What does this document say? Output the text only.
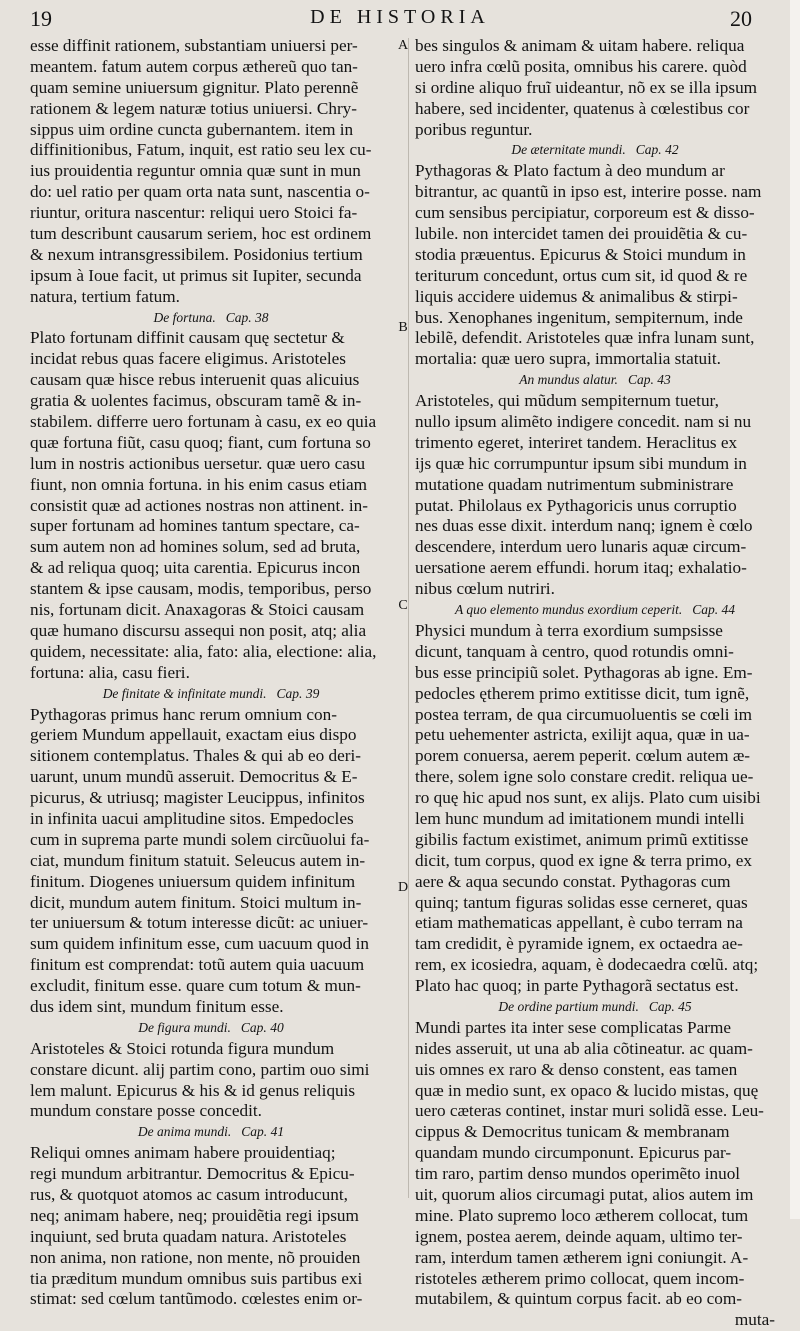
19	DE HISTORIA	20
A
B
C
D
esse diffinit rationem, substantiam uniuersi per-
meantem. fatum autem corpus æthereũ quo tan-
quam semine uniuersum gignitur. Plato perennẽ
rationem & legem naturæ totius uniuersi. Chry-
sippus uim ordine cuncta gubernantem. item in
diffinitionibus, Fatum, inquit, est ratio seu lex cu-
ius prouidentia reguntur omnia quæ sunt in mun
do: uel ratio per quam orta nata sunt, nascentia o-
riuntur, oritura nascentur: reliqui uero Stoici fa-
tum describunt causarum seriem, hoc est ordinem
& nexum intransgressibilem. Posidonius tertium
ipsum à Ioue facit, ut primus sit Iupiter, secunda
natura, tertium fatum.
De fortuna. Cap. 38
Plato fortunam diffinit causam quę sectetur &
incidat rebus quas facere eligimus. Aristoteles
causam quæ hisce rebus interuenit quas alicuius
gratia & uolentes facimus, obscuram tamẽ & in-
stabilem. differre uero fortunam à casu, ex eo quia
quæ fortuna fiũt, casu quoq; fiant, cum fortuna so
lum in nostris actionibus uersetur. quæ uero casu
fiunt, non omnia fortuna. in his enim casus etiam
consistit quæ ad actiones nostras non attinent. in-
super fortunam ad homines tantum spectare, ca-
sum autem non ad homines solum, sed ad bruta,
& ad reliqua quoq; uita carentia. Epicurus incon
stantem & ipse causam, modis, temporibus, perso
nis, fortunam dicit. Anaxagoras & Stoici causam
quæ humano discursu assequi non posit, atq; alia
quidem, necessitate: alia, fato: alia, electione: alia,
fortuna: alia, casu fieri.
De finitate & infinitate mundi. Cap. 39
Pythagoras primus hanc rerum omnium con-
geriem Mundum appellauit, exactam eius dispo
sitionem contemplatus. Thales & qui ab eo deri-
uarunt, unum mundũ asseruit. Democritus & E-
picurus, & utriusq; magister Leucippus, infinitos
in infinita uacui amplitudine sitos. Empedocles
cum in suprema parte mundi solem circũuolui fa-
ciat, mundum finitum statuit. Seleucus autem in-
finitum. Diogenes uniuersum quidem infinitum
dicit, mundum autem finitum. Stoici multum in-
ter uniuersum & totum interesse dicũt: ac uniuer-
sum quidem infinitum esse, cum uacuum quod in
finitum est comprendat: totũ autem quia uacuum
excludit, finitum esse. quare cum totum & mun-
dus idem sint, mundum finitum esse.
De figura mundi. Cap. 40
Aristoteles & Stoici rotunda figura mundum
constare dicunt. alij partim cono, partim ouo simi
lem malunt. Epicurus & his & id genus reliquis
mundum constare posse concedit.
De anima mundi. Cap. 41
Reliqui omnes animam habere prouidentiaq;
regi mundum arbitrantur. Democritus & Epicu-
rus, & quotquot atomos ac casum introducunt,
neq; animam habere, neq; prouidẽtia regi ipsum
inquiunt, sed bruta quadam natura. Aristoteles
non anima, non ratione, non mente, nõ prouiden
tia præditum mundum omnibus suis partibus exi
stimat: sed cœlum tantũmodo. cœlestes enim or-
bes singulos & animam & uitam habere. reliqua
uero infra cœlũ posita, omnibus his carere. quòd
si ordine aliquo fruĩ uideantur, nõ ex se illa ipsum
habere, sed incidenter, quatenus à cœlestibus cor
poribus reguntur.
De æternitate mundi. Cap. 42
Pythagoras & Plato factum à deo mundum ar
bitrantur, ac quantũ in ipso est, interire posse. nam
cum sensibus percipiatur, corporeum est & disso-
lubile. non intercidet tamen dei prouidẽtia & cu-
stodia præuentus. Epicurus & Stoici mundum in
teriturum concedunt, ortus cum sit, id quod & re
liquis accidere uidemus & animalibus & stirpi-
bus. Xenophanes ingenitum, sempiternum, inde
lebilẽ, defendit. Aristoteles quæ infra lunam sunt,
mortalia: quæ uero supra, immortalia statuit.
An mundus alatur. Cap. 43
Aristoteles, qui mũdum sempiternum tuetur,
nullo ipsum alimẽto indigere concedit. nam si nu
trimento egeret, interiret tandem. Heraclitus ex
ijs quæ hic corrumpuntur ipsum sibi mundum in
mutatione quadam nutrimentum subministrare
putat. Philolaus ex Pythagoricis unus corruptio
nes duas esse dixit. interdum nanq; ignem è cœlo
descendere, interdum uero lunaris aquæ circum-
uersatione aerem effundi. horum itaq; exhalatio-
nibus cœlum nutriri.
A quo elemento mundus exordium ceperit. Cap. 44
Physici mundum à terra exordium sumpsisse
dicunt, tanquam à centro, quod rotundis omni-
bus esse principiũ solet. Pythagoras ab igne. Em-
pedocles ętherem primo extitisse dicit, tum ignẽ,
postea terram, de qua circumuoluentis se cœli im
petu uehementer astricta, exilijt aqua, quæ in ua-
porem conuersa, aerem peperit. cœlum autem æ-
there, solem igne solo constare credit. reliqua ue-
ro quę hic apud nos sunt, ex alijs. Plato cum uisibi
lem hunc mundum ad imitationem mundi intelli
gibilis factum existimet, animum primũ extitisse
dicit, tum corpus, quod ex igne & terra primo, ex
aere & aqua secundo constat. Pythagoras cum
quinq; tantum figuras solidas esse cerneret, quas
etiam mathematicas appellant, è cubo terram na
tam credidit, è pyramide ignem, ex octaedra ae-
rem, ex icosiedra, aquam, è dodecaedra cœlũ. atq;
Plato hac quoq; in parte Pythagorã sectatus est.
De ordine partium mundi. Cap. 45
Mundi partes ita inter sese complicatas Parme
nides asseruit, ut una ab alia cõtineatur. ac quam-
uis omnes ex raro & denso constent, eas tamen
quæ in medio sunt, ex opaco & lucido mistas, quę
uero cæteras continet, instar muri solidã esse. Leu-
cippus & Democritus tunicam & membranam
quandam mundo circumponunt. Epicurus par-
tim raro, partim denso mundos operimẽto inuol
uit, quorum alios circumagi putat, alios autem im
mine. Plato supremo loco ætherem collocat, tum
ignem, postea aerem, deinde aquam, ultimo ter-
ram, interdum tamen ætherem igni coniungit. A-
ristoteles ætherem primo collocat, quem incom-
mutabilem, & quintum corpus facit. ab eo com-
muta-
